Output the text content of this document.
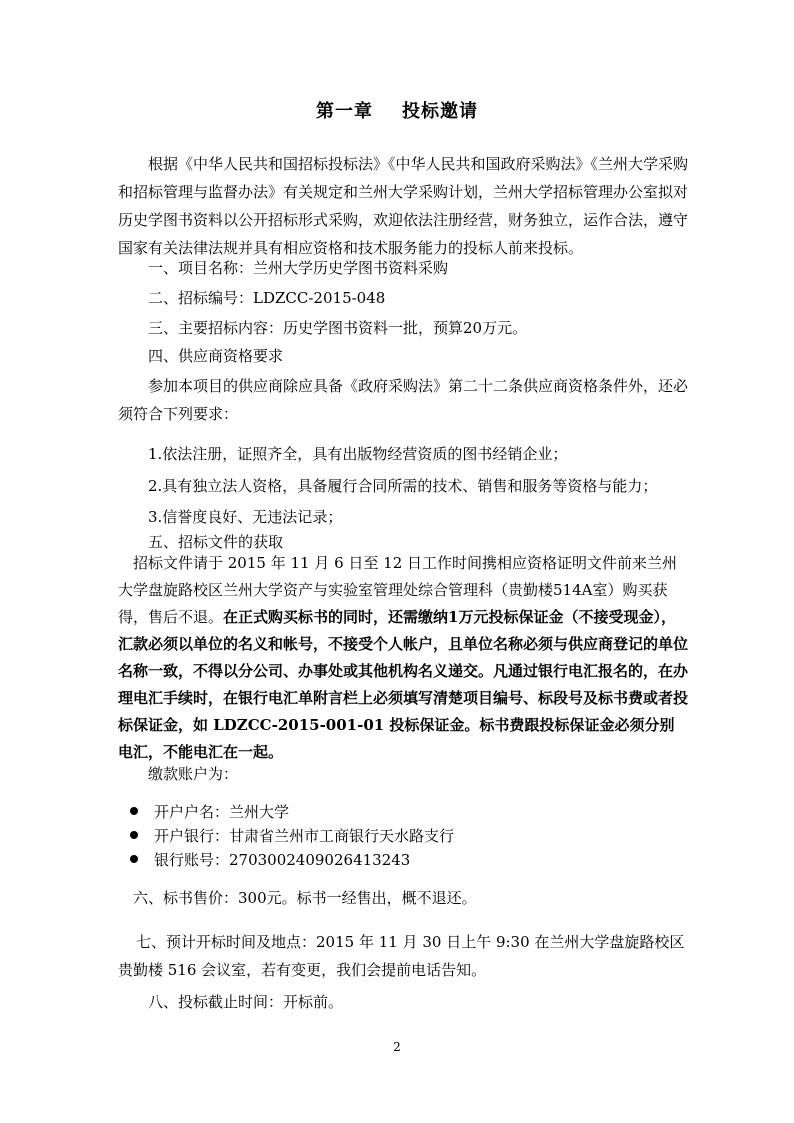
第一章    投标邀请
根据《中华人民共和国招标投标法》《中华人民共和国政府采购法》《兰州大学采购和招标管理与监督办法》有关规定和兰州大学采购计划，兰州大学招标管理办公室拟对历史学图书资料以公开招标形式采购，欢迎依法注册经营，财务独立，运作合法，遵守国家有关法律法规并具有相应资格和技术服务能力的投标人前来投标。
一、项目名称：兰州大学历史学图书资料采购
二、招标编号：LDZCC-2015-048
三、主要招标内容：历史学图书资料一批，预算20万元。
四、供应商资格要求
参加本项目的供应商除应具备《政府采购法》第二十二条供应商资格条件外，还必须符合下列要求：
1.依法注册，证照齐全，具有出版物经营资质的图书经销企业；
2.具有独立法人资格，具备履行合同所需的技术、销售和服务等资格与能力；
3.信誉度良好、无违法记录；
五、招标文件的获取
招标文件请于 2015 年 11 月 6 日至 12 日工作时间携相应资格证明文件前来兰州大学盘旋路校区兰州大学资产与实验室管理处综合管理科（贵勤楼514A室）购买获得，售后不退。在正式购买标书的同时，还需缴纳1万元投标保证金（不接受现金），汇款必须以单位的名义和帐号，不接受个人帐户，且单位名称必须与供应商登记的单位名称一致，不得以分公司、办事处或其他机构名义递交。凡通过银行电汇报名的，在办理电汇手续时，在银行电汇单附言栏上必须填写清楚项目编号、标段号及标书费或者投标保证金，如 LDZCC-2015-001-01 投标保证金。标书费跟投标保证金必须分别电汇，不能电汇在一起。
缴款账户为：
开户户名：兰州大学
开户银行：甘肃省兰州市工商银行天水路支行
银行账号：2703002409026413243
六、标书售价：300元。标书一经售出，概不退还。
七、预计开标时间及地点：2015 年 11 月 30 日上午 9:30 在兰州大学盘旋路校区贵勤楼 516 会议室，若有变更，我们会提前电话告知。
八、投标截止时间：开标前。
2
